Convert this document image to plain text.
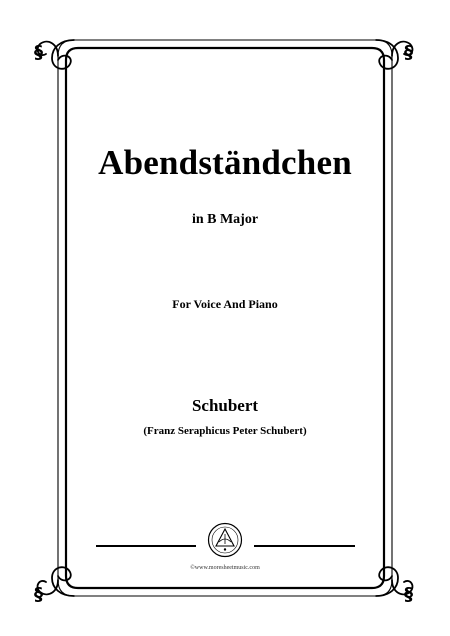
§	§
§	§
Abendständchen
in B Major
For Voice And Piano
Schubert
(Franz Seraphicus Peter Schubert)
©www.moresheetmusic.com
